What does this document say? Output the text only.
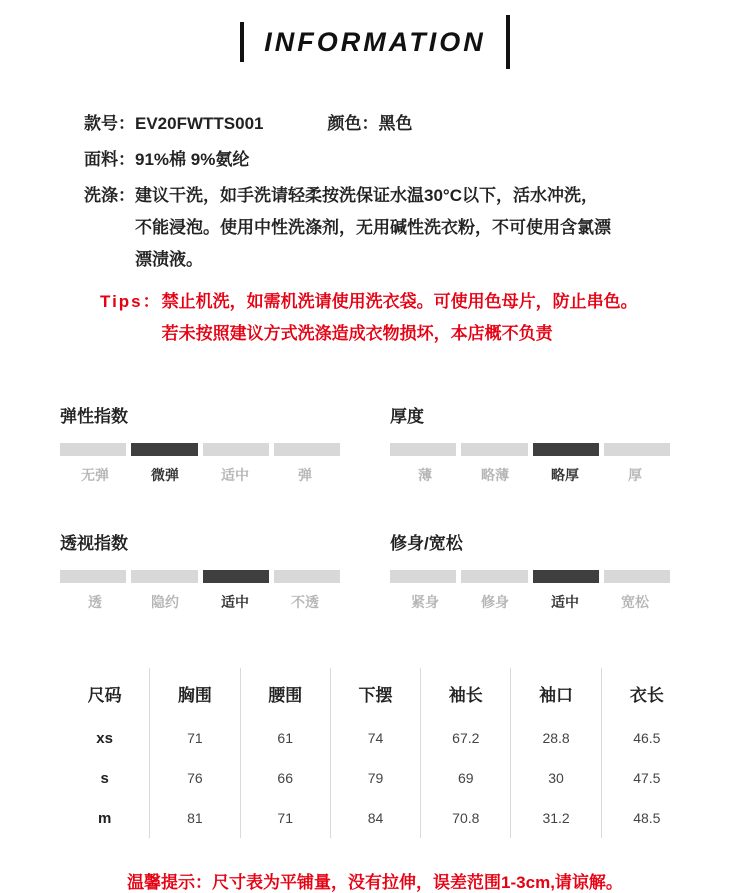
INFORMATION
款号： EV20FWTTS001	颜色： 黑色
面料： 91%棉 9%氨纶
洗涤： 建议干洗，如手洗请轻柔按洗保证水温30°C以下，活水冲洗，
不能浸泡。使用中性洗涤剂，无用碱性洗衣粉，不可使用含氯漂
漂渍液。
Tips： 禁止机洗，如需机洗请使用洗衣袋。可使用色母片，防止串色。
若未按照建议方式洗涤造成衣物损坏，本店概不负责
弹性指数
无弹	微弹	适中	弹
厚度
薄	略薄	略厚	厚
透视指数
透	隐约	适中	不透
修身/宽松
紧身	修身	适中	宽松
尺码	胸围	腰围	下摆	袖长	袖口	衣长
xs	71	61	74	67.2	28.8	46.5
s	76	66	79	69	30	47.5
m	81	71	84	70.8	31.2	48.5
温馨提示：尺寸表为平铺量，没有拉伸，误差范围1-3cm,请谅解。
